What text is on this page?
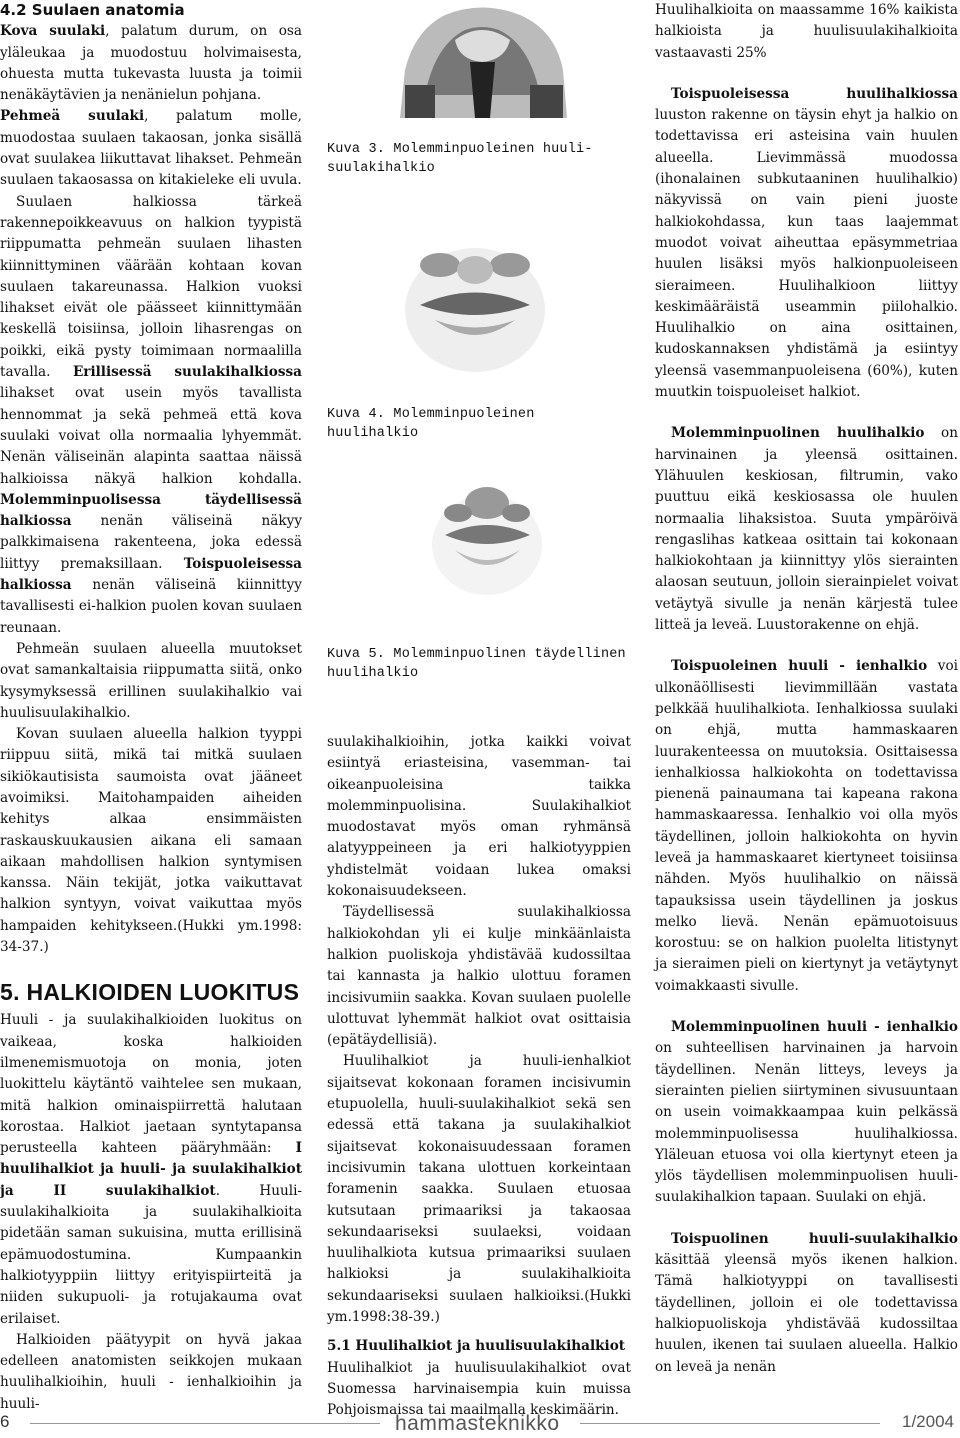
4.2 Suulaen anatomia

Kova suulaki, palatum durum, on osa yläleukaa ja muodostuu holvimaisesta, ohuesta mutta tukevasta luusta ja toimii nenäkäytävien ja nenänielun pohjana.

Pehmeä suulaki, palatum molle, muodostaa suulaen takaosan, jonka sisällä ovat suulakea liikuttavat lihakset. Pehmeän suulaen takaosassa on kitakieleke eli uvula.

Suulaen halkiossa tärkeä rakennepoikkeavuus on halkion tyypistä riippumatta pehmeän suulaen lihasten kiinnittyminen väärään kohtaan kovan suulaen takareunassa. Halkion vuoksi lihakset eivät ole päässeet kiinnittymään keskellä toisiinsa, jolloin lihasrengas on poikki, eikä pysty toimimaan normaalilla tavalla. Erillisessä suulakihalkiossa lihakset ovat usein myös tavallista hennommat ja sekä pehmeä että kova suulaki voivat olla normaalia lyhyemmät. Nenän väliseinän alapinta saattaa näissä halkioissa näkyä halkion kohdalla. Molemminpuolisessa täydellisessä halkiossa nenän väliseinä näkyy palkkimaisena rakenteena, joka edessä liittyy premaksillaan. Toispuoleisessa halkiossa nenän väliseinä kiinnittyy tavallisesti ei-halkion puolen kovan suulaen reunaan.

Pehmeän suulaen alueella muutokset ovat samankaltaisia riippumatta siitä, onko kysymyksessä erillinen suulakihalkio vai huulisuulakihalkio.

Kovan suulaen alueella halkion tyyppi riippuu siitä, mikä tai mitkä suulaen sikiökautisista saumoista ovat jääneet avoimiksi. Maitohampaiden aiheiden kehitys alkaa ensimmäisten raskauskuukausien aikana eli samaan aikaan mahdollisen halkion syntymisen kanssa. Näin tekijät, jotka vaikuttavat halkion syntyyn, voivat vaikuttaa myös hampaiden kehitykseen.(Hukki ym.1998: 34-37.)

5. HALKIOIDEN LUOKITUS

Huuli - ja suulakihalkioiden luokitus on vaikeaa, koska halkioiden ilmenemismuotoja on monia, joten luokittelu käytäntö vaihtelee sen mukaan, mitä halkion ominaispiirrettä halutaan korostaa. Halkiot jaetaan syntytapansa perusteella kahteen pääryhmään: I huulihalkiot ja huuli- ja suulakihalkiot ja II suulakihalkiot. Huuli-suulakihalkioita ja suulakihalkioita pidetään saman sukuisina, mutta erillisinä epämuodostumina. Kumpaankin halkiotyyppiin liittyy erityispiirteitä ja niiden sukupuoli- ja rotujakauma ovat erilaiset.

Halkioiden päätyypit on hyvä jakaa edelleen anatomisten seikkojen mukaan huulihalkioihin, huuli - ienhalkioihin ja huuli-

Kuva 3. Molemminpuoleinen huuli-suulakihalkio
Kuva 4. Molemminpuoleinen huulihalkio
Kuva 5. Molemminpuolinen täydellinen huulihalkio

suulakihalkioihin, jotka kaikki voivat esiintyä eriasteisina, vasemman- tai oikeanpuoleisina taikka molemminpuolisina. Suulakihalkiot muodostavat myös oman ryhmänsä alatyyppeineen ja eri halkiotyyppien yhdistelmät voidaan lukea omaksi kokonaisuudekseen.

Täydellisessä suulakihalkiossa halkiokohdan yli ei kulje minkäänlaista halkion puoliskoja yhdistävää kudossiltaa tai kannasta ja halkio ulottuu foramen incisivumiin saakka. Kovan suulaen puolelle ulottuvat lyhemmät halkiot ovat osittaisia (epätäydellisiä).

Huulihalkiot ja huuli-ienhalkiot sijaitsevat kokonaan foramen incisivumin etupuolella, huuli-suulakihalkiot sekä sen edessä että takana ja suulakihalkiot sijaitsevat kokonaisuudessaan foramen incisivumin takana ulottuen korkeintaan foramenin saakka. Suulaen etuosaa kutsutaan primaariksi ja takaosaa sekundaariseksi suulaeksi, voidaan huulihalkiota kutsua primaariksi suulaen halkioksi ja suulakihalkioita sekundaariseksi suulaen halkioiksi.(Hukki ym.1998:38-39.)

5.1 Huulihalkiot ja huulisuulakihalkiot

Huulihalkiot ja huulisuulakihalkiot ovat Suomessa harvinaisempia kuin muissa Pohjoismaissa tai maailmalla keskimäärin.

Huulihalkioita on maassamme 16% kaikista halkioista ja huulisuulakihalkioita vastaavasti 25%

Toispuoleisessa huulihalkiossa luuston rakenne on täysin ehyt ja halkio on todettavissa eri asteisina vain huulen alueella. Lievimmässä muodossa (ihonalainen subkutaaninen huulihalkio) näkyvissä on vain pieni juoste halkiokohdassa, kun taas laajemmat muodot voivat aiheuttaa epäsymmetriaa huulen lisäksi myös halkionpuoleiseen sieraimeen. Huulihalkioon liittyy keskimääräistä useammin piilohalkio. Huulihalkio on aina osittainen, kudoskannaksen yhdistämä ja esiintyy yleensä vasemmanpuoleisena (60%), kuten muutkin toispuoleiset halkiot.

Molemminpuolinen huulihalkio on harvinainen ja yleensä osittainen. Ylähuulen keskiosan, filtrumin, vako puuttuu eikä keskiosassa ole huulen normaalia lihaksistoa. Suuta ympäröivä rengaslihas katkeaa osittain tai kokonaan halkiokohtaan ja kiinnittyy ylös sierainten alaosan seutuun, jolloin sierainpielet voivat vetäytyä sivulle ja nenän kärjestä tulee litteä ja leveä. Luustorakenne on ehjä.

Toispuoleinen huuli - ienhalkio voi ulkonäöllisesti lievimmillään vastata pelkkää huulihalkiota. Ienhalkiossa suulaki on ehjä, mutta hammaskaaren luurakenteessa on muutoksia. Osittaisessa ienhalkiossa halkiokohta on todettavissa pienenä painaumana tai kapeana rakona hammaskaaressa. Ienhalkio voi olla myös täydellinen, jolloin halkiokohta on hyvin leveä ja hammaskaaret kiertyneet toisiinsa nähden. Myös huulihalkio on näissä tapauksissa usein täydellinen ja joskus melko lievä. Nenän epämuotoisuus korostuu: se on halkion puolelta litistynyt ja sieraimen pieli on kiertynyt ja vetäytynyt voimakkaasti sivulle.

Molemminpuolinen huuli - ienhalkio on suhteellisen harvinainen ja harvoin täydellinen. Nenän litteys, leveys ja sierainten pielien siirtyminen sivusuuntaan on usein voimakkaampaa kuin pelkässä molemminpuolisessa huulihalkiossa. Yläleuan etuosa voi olla kiertynyt eteen ja ylös täydellisen molemminpuolisen huuli-suulakihalkion tapaan. Suulaki on ehjä.

Toispuolinen huuli-suulakihalkio käsittää yleensä myös ikenen halkion. Tämä halkiotyyppi on tavallisesti täydellinen, jolloin ei ole todettavissa halkiopuoliskoja yhdistävää kudossiltaa huulen, ikenen tai suulaen alueella. Halkio on leveä ja nenän

6	hammasteknikko	1/2004
